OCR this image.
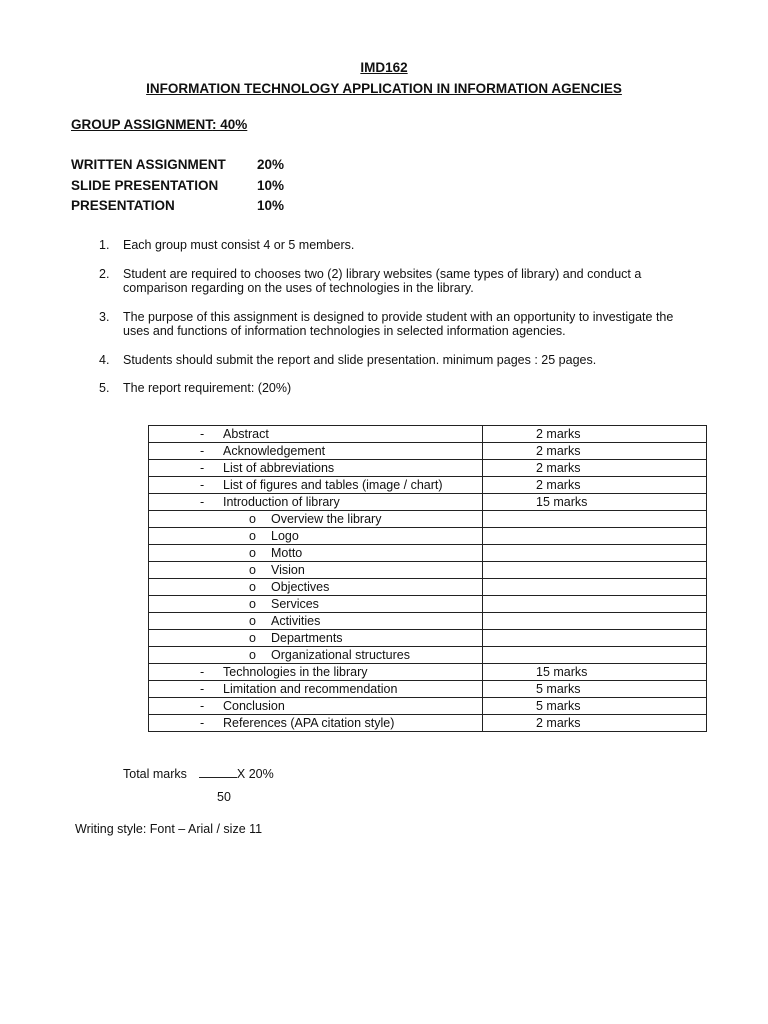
IMD162
INFORMATION TECHNOLOGY APPLICATION IN INFORMATION AGENCIES
GROUP ASSIGNMENT: 40%
WRITTEN ASSIGNMENT	20%
SLIDE PRESENTATION	10%
PRESENTATION	10%
1.	Each group must consist 4 or 5 members.
2.	Student are required to chooses two (2) library websites (same types of library) and conduct a comparison regarding on the uses of technologies in the library.
3.	The purpose of this assignment is designed to provide student with an opportunity to investigate the uses and functions of information technologies in selected information agencies.
4.	Students should submit the report and slide presentation. minimum pages : 25 pages.
5.	The report requirement: (20%)
- Abstract	2 marks
- Acknowledgement	2 marks
- List of abbreviations	2 marks
- List of figures and tables (image / chart)	2 marks
- Introduction of library	15 marks
o Overview the library	
o Logo	
o Motto	
o Vision	
o Objectives	
o Services	
o Activities	
o Departments	
o Organizational structures	
- Technologies in the library	15 marks
- Limitation and recommendation	5 marks
- Conclusion	5 marks
- References (APA citation style)	2 marks
Total marks	X 20%
50
Writing style: Font – Arial / size 11
